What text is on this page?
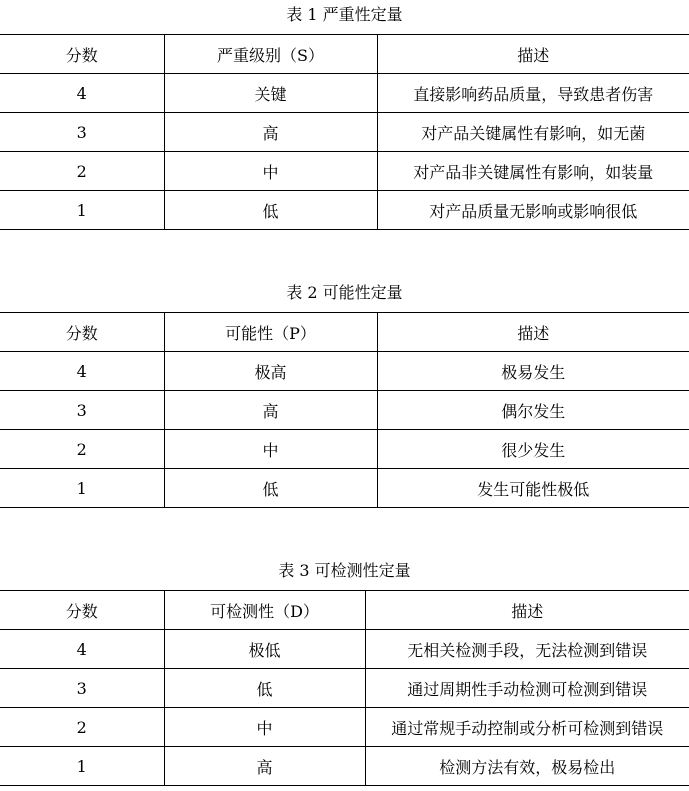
表 1 严重性定量
分数	严重级别（S）	描述
4	关键	直接影响药品质量，导致患者伤害
3	高	对产品关键属性有影响，如无菌
2	中	对产品非关键属性有影响，如装量
1	低	对产品质量无影响或影响很低
表 2 可能性定量
分数	可能性（P）	描述
4	极高	极易发生
3	高	偶尔发生
2	中	很少发生
1	低	发生可能性极低
表 3 可检测性定量
分数	可检测性（D）	描述
4	极低	无相关检测手段，无法检测到错误
3	低	通过周期性手动检测可检测到错误
2	中	通过常规手动控制或分析可检测到错误
1	高	检测方法有效，极易检出
